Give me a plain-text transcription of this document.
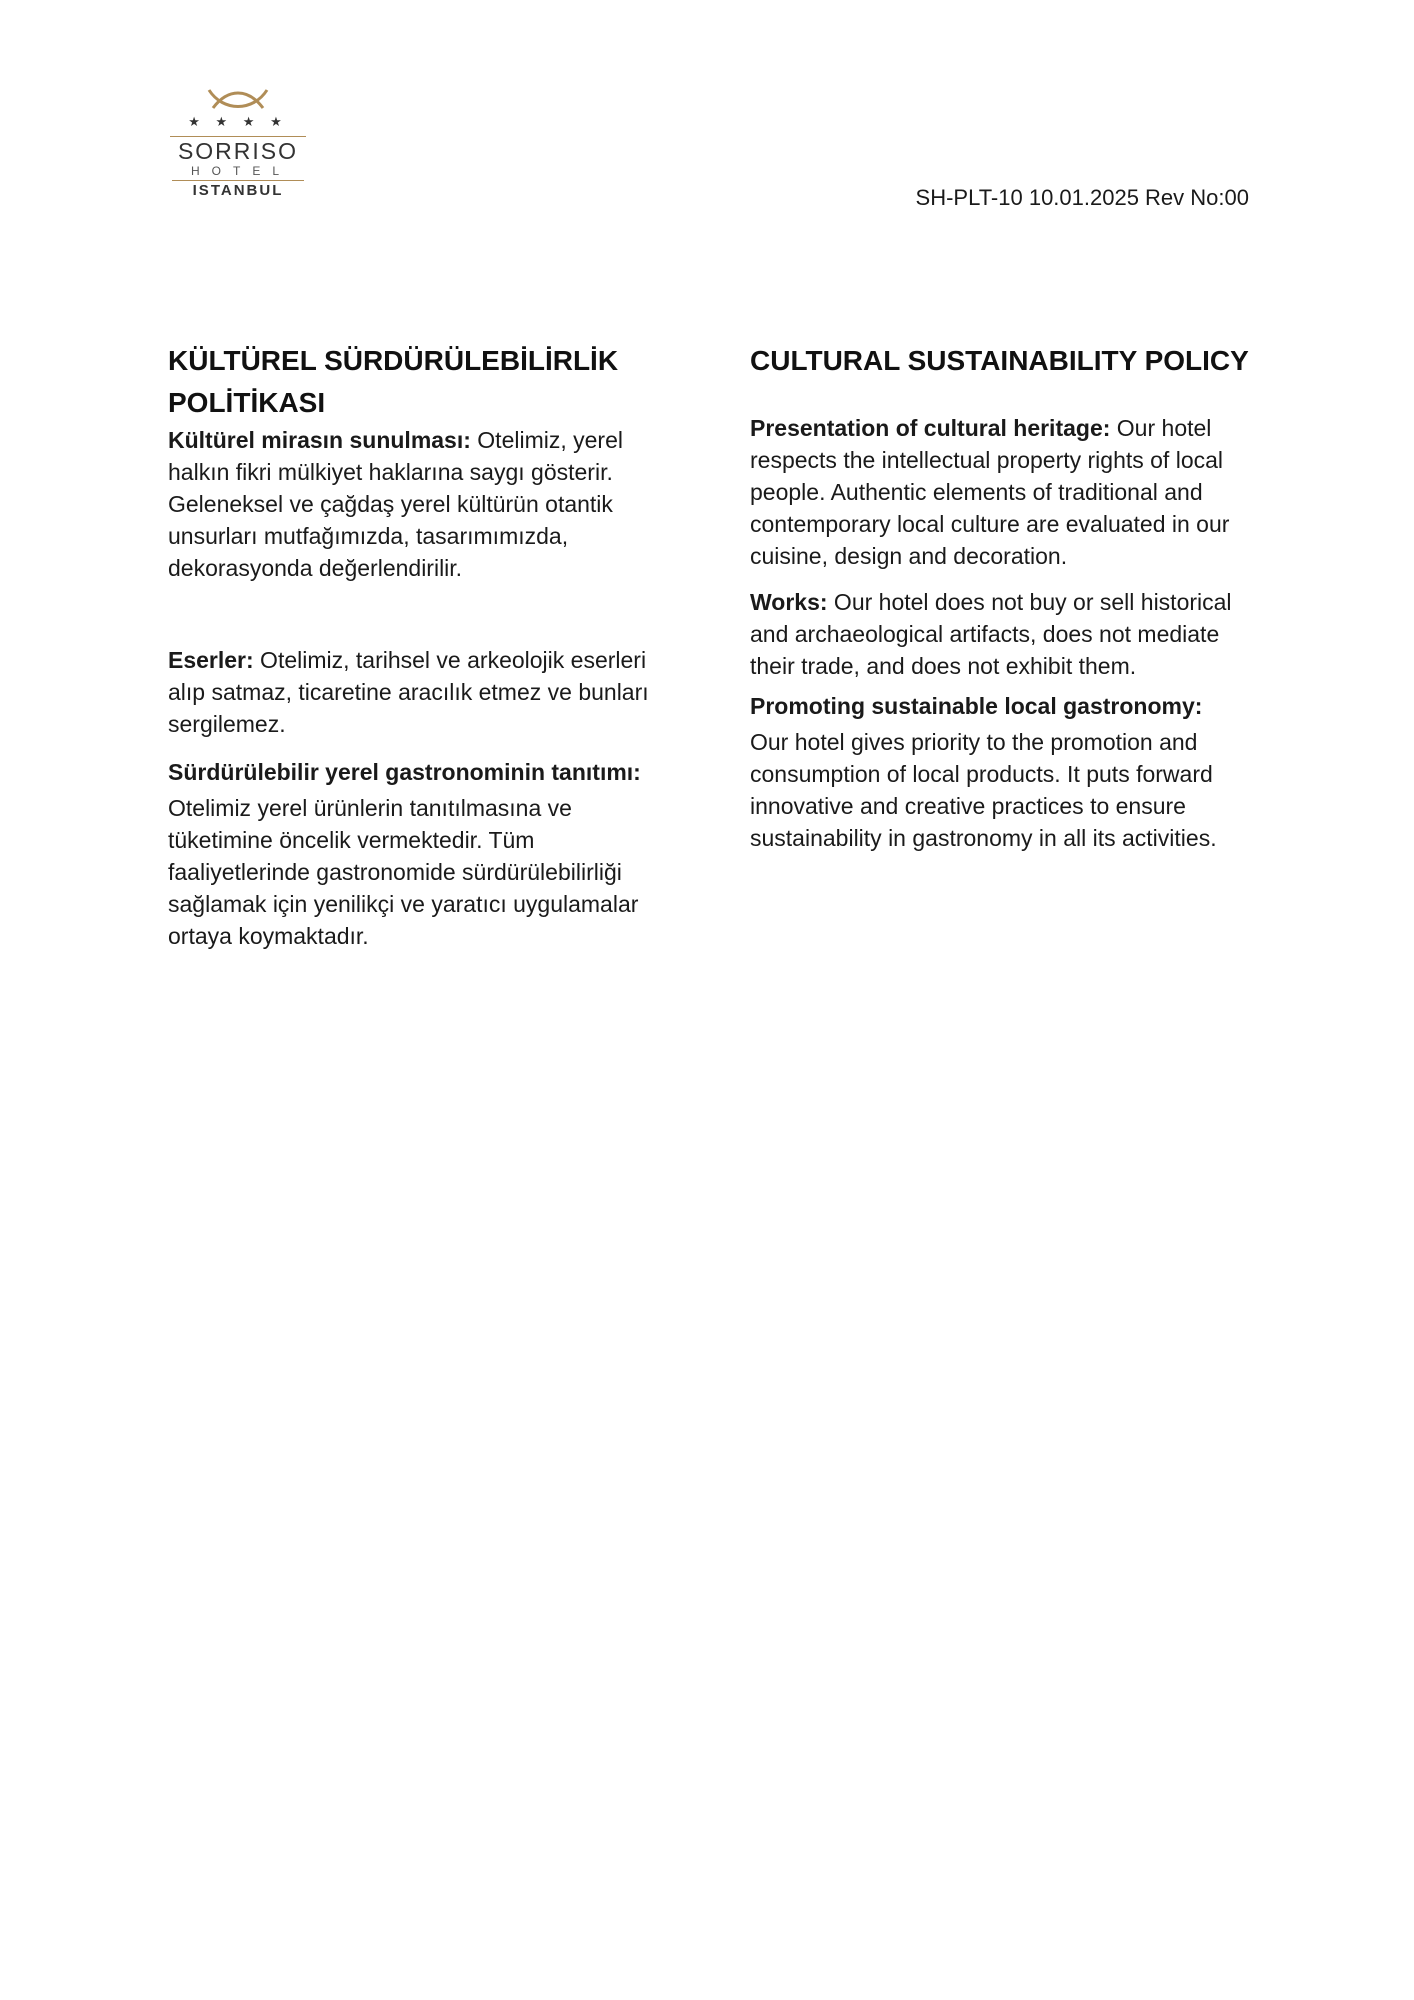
★ ★ ★ ★
SORRISO
HOTEL
ISTANBUL	SH-PLT-10 10.01.2025 Rev No:00
KÜLTÜREL SÜRDÜRÜLEBİLİRLİK POLİTİKASI

Kültürel mirasın sunulması: Otelimiz, yerel halkın fikri mülkiyet haklarına saygı gösterir. Geleneksel ve çağdaş yerel kültürün otantik unsurları mutfağımızda, tasarımımızda, dekorasyonda değerlendirilir.

Eserler: Otelimiz, tarihsel ve arkeolojik eserleri alıp satmaz, ticaretine aracılık etmez ve bunları sergilemez.

Sürdürülebilir yerel gastronominin tanıtımı:

Otelimiz yerel ürünlerin tanıtılmasına ve tüketimine öncelik vermektedir. Tüm faaliyetlerinde gastronomide sürdürülebilirliği sağlamak için yenilikçi ve yaratıcı uygulamalar ortaya koymaktadır.

CULTURAL SUSTAINABILITY POLICY

Presentation of cultural heritage: Our hotel respects the intellectual property rights of local people. Authentic elements of traditional and contemporary local culture are evaluated in our cuisine, design and decoration.

Works: Our hotel does not buy or sell historical and archaeological artifacts, does not mediate their trade, and does not exhibit them.

Promoting sustainable local gastronomy:

Our hotel gives priority to the promotion and consumption of local products. It puts forward innovative and creative practices to ensure sustainability in gastronomy in all its activities.
